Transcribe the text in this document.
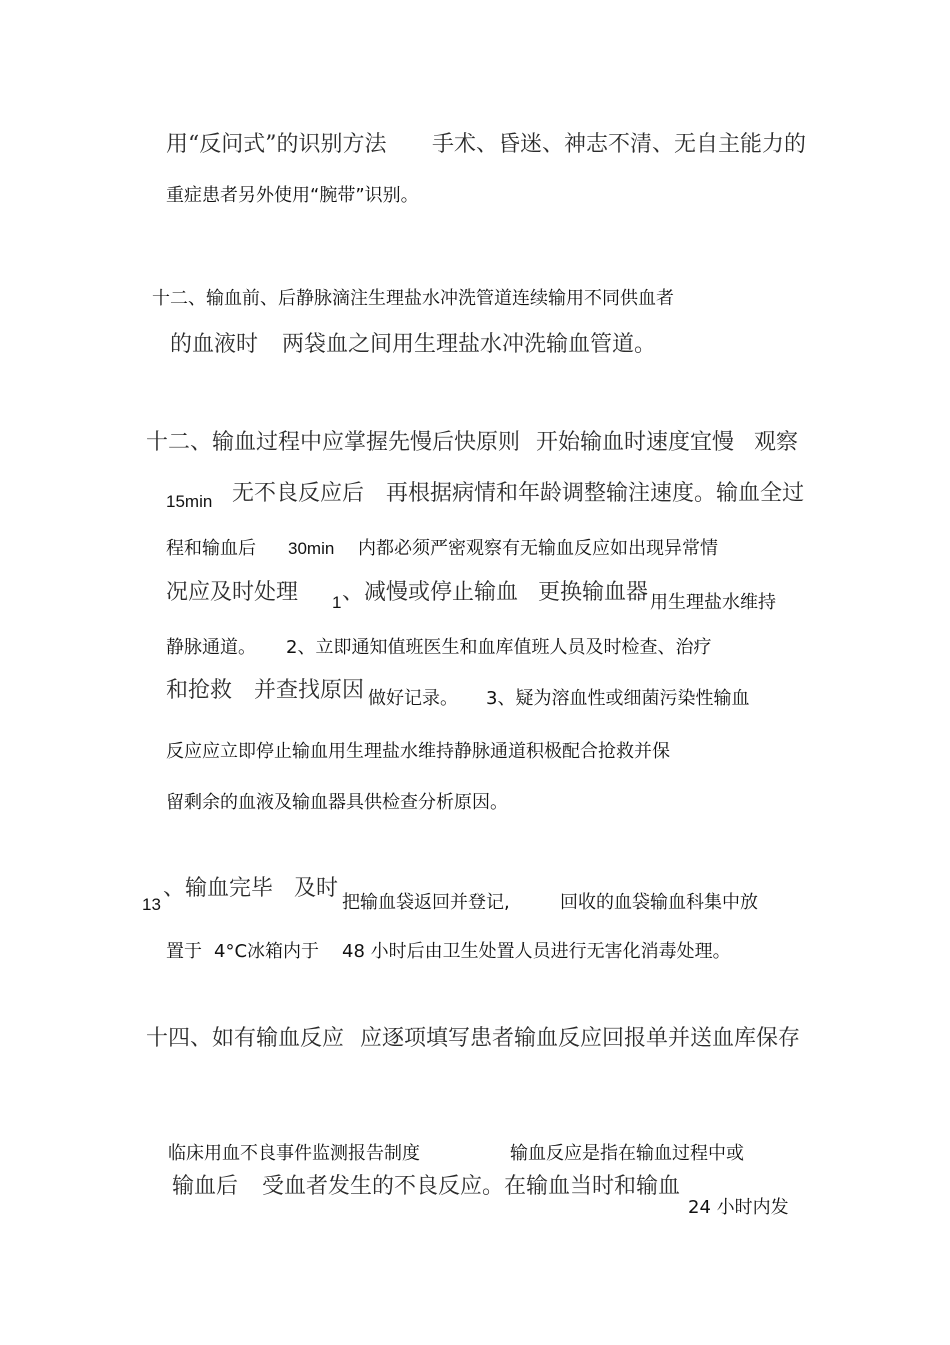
用“反问式”的识别方法 手术、昏迷、神志不清、无自主能力的
重症患者另外使用“腕带”识别。
十二、输血前、后静脉滴注生理盐水冲洗管道连续输用不同供血者
的血液时 两袋血之间用生理盐水冲洗输血管道。
十二、输血过程中应掌握先慢后快原则 开始输血时速度宜慢 观察
15min 无不良反应后 再根据病情和年龄调整输注速度。输血全过
程和输血后 30min 内都必须严密观察有无输血反应如出现异常情
况应及时处理 1 、减慢或停止输血 更换输血器 用生理盐水维持
静脉通道。 2、立即通知值班医生和血库值班人员及时检查、治疗
和抢救 并查找原因 做好记录。 3、疑为溶血性或细菌污染性输血
反应应立即停止输血用生理盐水维持静脉通道积极配合抢救并保
留剩余的血液及输血器具供检查分析原因。
13
、输血完毕 及时
把输血袋返回并登记,	回收的血袋输血科集中放
置于 4°C冰箱内于 48 小时后由卫生处置人员进行无害化消毒处理。
十四、如有输血反应 应逐项填写患者输血反应回报单并送血库保存
临床用血不良事件监测报告制度	输血反应是指在输血过程中或
输血后 受血者发生的不良反应。在输血当时和输血
24 小时内发
